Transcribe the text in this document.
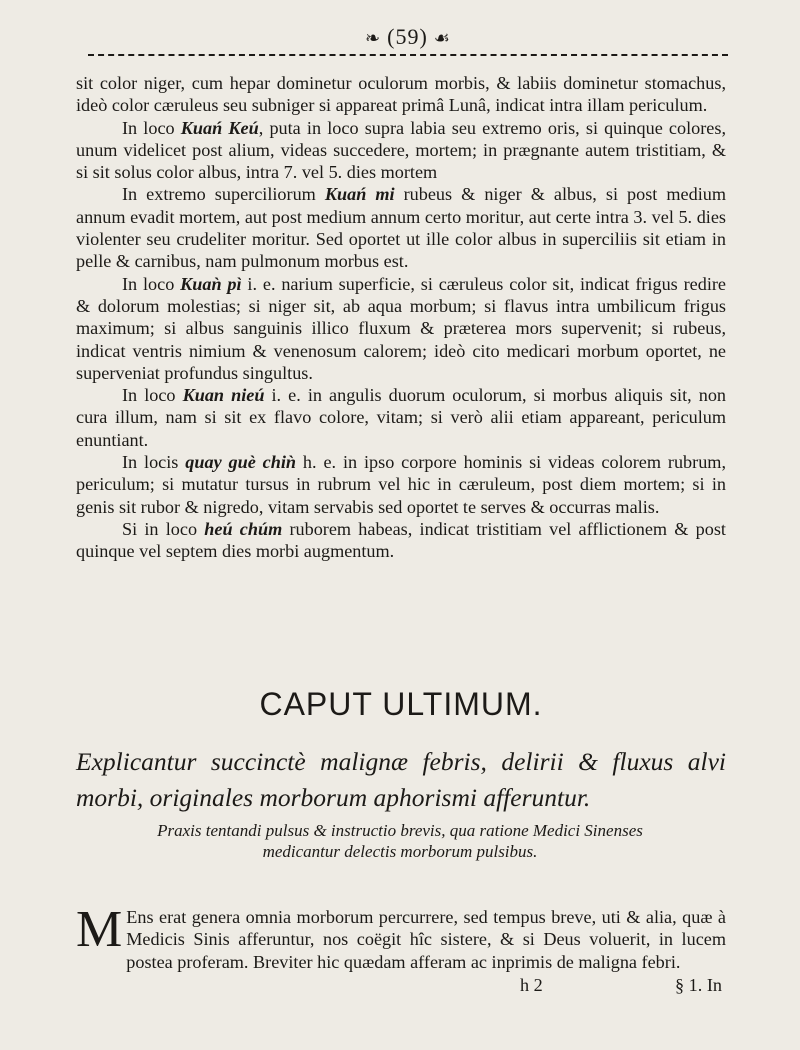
❧ (59) ☙

sit color niger, cum hepar dominetur oculorum morbis, & labiis dominetur stomachus, ideò color cæruleus seu subniger si appareat primâ Lunâ, indicat intra illam periculum.

In loco Kuań Keú, puta in loco supra labia seu extremo oris, si quinque colores, unum videlicet post alium, videas succedere, mortem; in prægnante autem tristitiam, & si sit solus color albus, intra 7. vel 5. dies mortem

In extremo superciliorum Kuań mi rubeus & niger & albus, si post medium annum evadit mortem, aut post medium annum certo moritur, aut certe intra 3. vel 5. dies violenter seu crudeliter moritur. Sed oportet ut ille color albus in superciliis sit etiam in pelle & carnibus, nam pulmonum morbus est.

In loco Kuaǹ pì i. e. narium superficie, si cæruleus color sit, indicat frigus redire & dolorum molestias; si niger sit, ab aqua morbum; si flavus intra umbilicum frigus maximum; si albus sanguinis illico fluxum & præterea mors supervenit; si rubeus, indicat ventris nimium & venenosum calorem; ideò cito medicari morbum oportet, ne superveniat profundus singultus.

In loco Kuan nieú i. e. in angulis duorum oculorum, si morbus aliquis sit, non cura illum, nam si sit ex flavo colore, vitam; si verò alii etiam appareant, periculum enuntiant.

In locis quay guè chiǹ h. e. in ipso corpore hominis si videas colorem rubrum, periculum; si mutatur tursus in rubrum vel hic in cæruleum, post diem mortem; si in genis sit rubor & nigredo, vitam servabis sed oportet te serves & occurras malis.

Si in loco heú chúm ruborem habeas, indicat tristitiam vel afflictionem & post quinque vel septem dies morbi augmentum.

CAPUT ULTIMUM.
Explicantur succinctè malignæ febris, delirii & fluxus alvi morbi, originales morborum aphorismi afferuntur.
Praxis tentandi pulsus & instructio brevis, qua ratione Medici Sinenses medicantur delectis morborum pulsibus.
M Ens erat genera omnia morborum percurrere, sed tempus breve, uti & alia, quæ à Medicis Sinis afferuntur, nos coëgit hîc sistere, & si Deus voluerit, in lucem postea proferam. Breviter hic quædam afferam ac inprimis de maligna febri.
h 2	§ 1. In
